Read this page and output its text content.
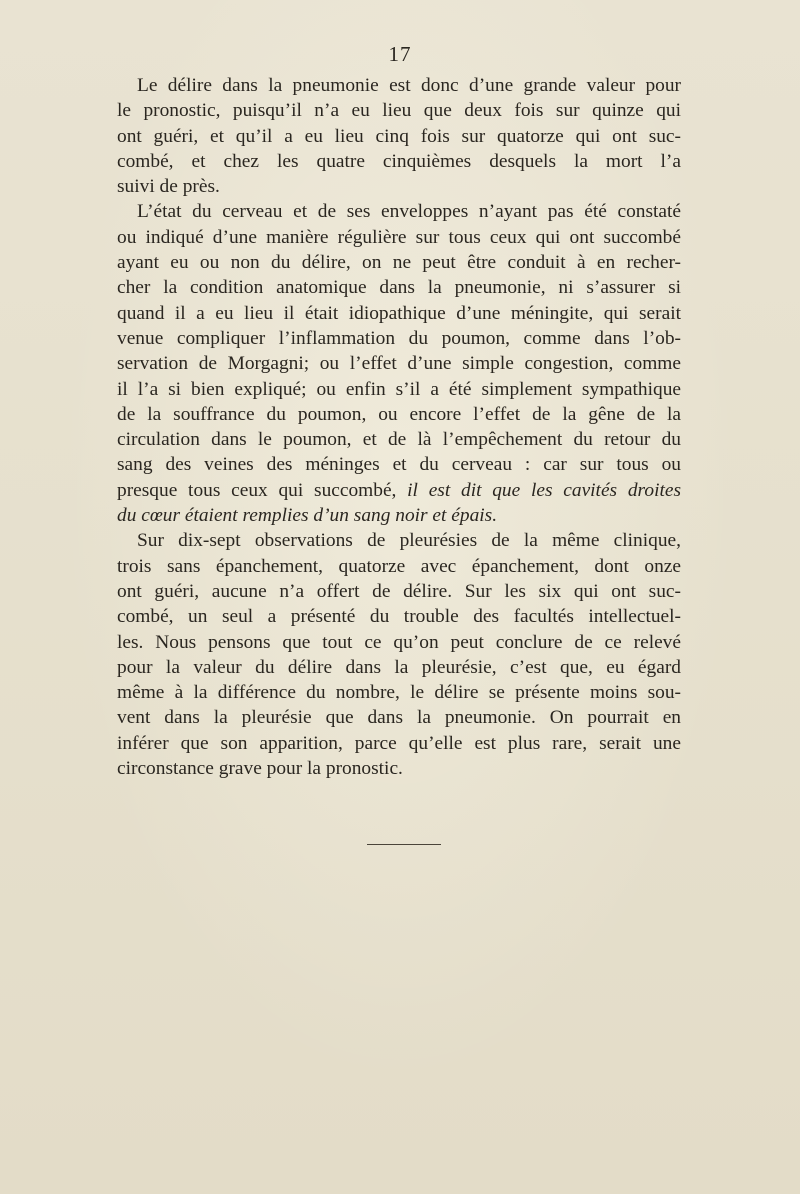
17

Le délire dans la pneumonie est donc d’une grande valeur pour
le pronostic, puisqu’il n’a eu lieu que deux fois sur quinze qui
ont guéri, et qu’il a eu lieu cinq fois sur quatorze qui ont suc-
combé, et chez les quatre cinquièmes desquels la mort l’a
suivi de près.

L’état du cerveau et de ses enveloppes n’ayant pas été constaté
ou indiqué d’une manière régulière sur tous ceux qui ont succombé
ayant eu ou non du délire, on ne peut être conduit à en recher-
cher la condition anatomique dans la pneumonie, ni s’assurer si
quand il a eu lieu il était idiopathique d’une méningite, qui serait
venue compliquer l’inflammation du poumon, comme dans l’ob-
servation de Morgagni; ou l’effet d’une simple congestion, comme
il l’a si bien expliqué; ou enfin s’il a été simplement sympathique
de la souffrance du poumon, ou encore l’effet de la gêne de la
circulation dans le poumon, et de là l’empêchement du retour du
sang des veines des méninges et du cerveau : car sur tous ou
presque tous ceux qui succombé, il est dit que les cavités droites
du cœur étaient remplies d’un sang noir et épais.

Sur dix-sept observations de pleurésies de la même clinique,
trois sans épanchement, quatorze avec épanchement, dont onze
ont guéri, aucune n’a offert de délire. Sur les six qui ont suc-
combé, un seul a présenté du trouble des facultés intellectuel-
les. Nous pensons que tout ce qu’on peut conclure de ce relevé
pour la valeur du délire dans la pleurésie, c’est que, eu égard
même à la différence du nombre, le délire se présente moins sou-
vent dans la pleurésie que dans la pneumonie. On pourrait en
inférer que son apparition, parce qu’elle est plus rare, serait une
circonstance grave pour la pronostic.
